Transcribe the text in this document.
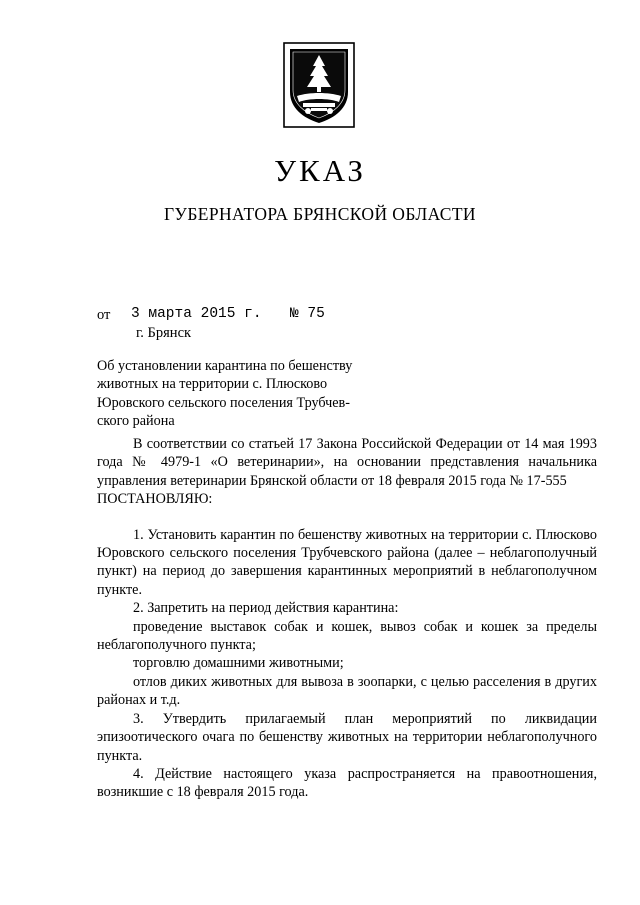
УКАЗ
ГУБЕРНАТОРА БРЯНСКОЙ ОБЛАСТИ
от 3 марта 2015 г. № 75
г. Брянск
Об установлении карантина по бешенству
животных на территории с. Плюсково
Юровского сельского поселения Трубчев-
ского района

В соответствии со статьей 17 Закона Российской Федерации от 14 мая 1993 года № 4979-1 «О ветеринарии», на основании представления начальника управления ветеринарии Брянской области от 18 февраля 2015 года № 17-555

ПОСТАНОВЛЯЮ:

1. Установить карантин по бешенству животных на территории с. Плюсково Юровского сельского поселения Трубчевского района (далее – неблагополучный пункт) на период до завершения карантинных мероприятий в неблагополучном пункте.

2. Запретить на период действия карантина:

проведение выставок собак и кошек, вывоз собак и кошек за пределы неблагополучного пункта;

торговлю домашними животными;

отлов диких животных для вывоза в зоопарки, с целью расселения в других районах и т.д.

3. Утвердить прилагаемый план мероприятий по ликвидации эпизоотического очага по бешенству животных на территории неблагополучного пункта.

4. Действие настоящего указа распространяется на правоотношения, возникшие с 18 февраля 2015 года.
